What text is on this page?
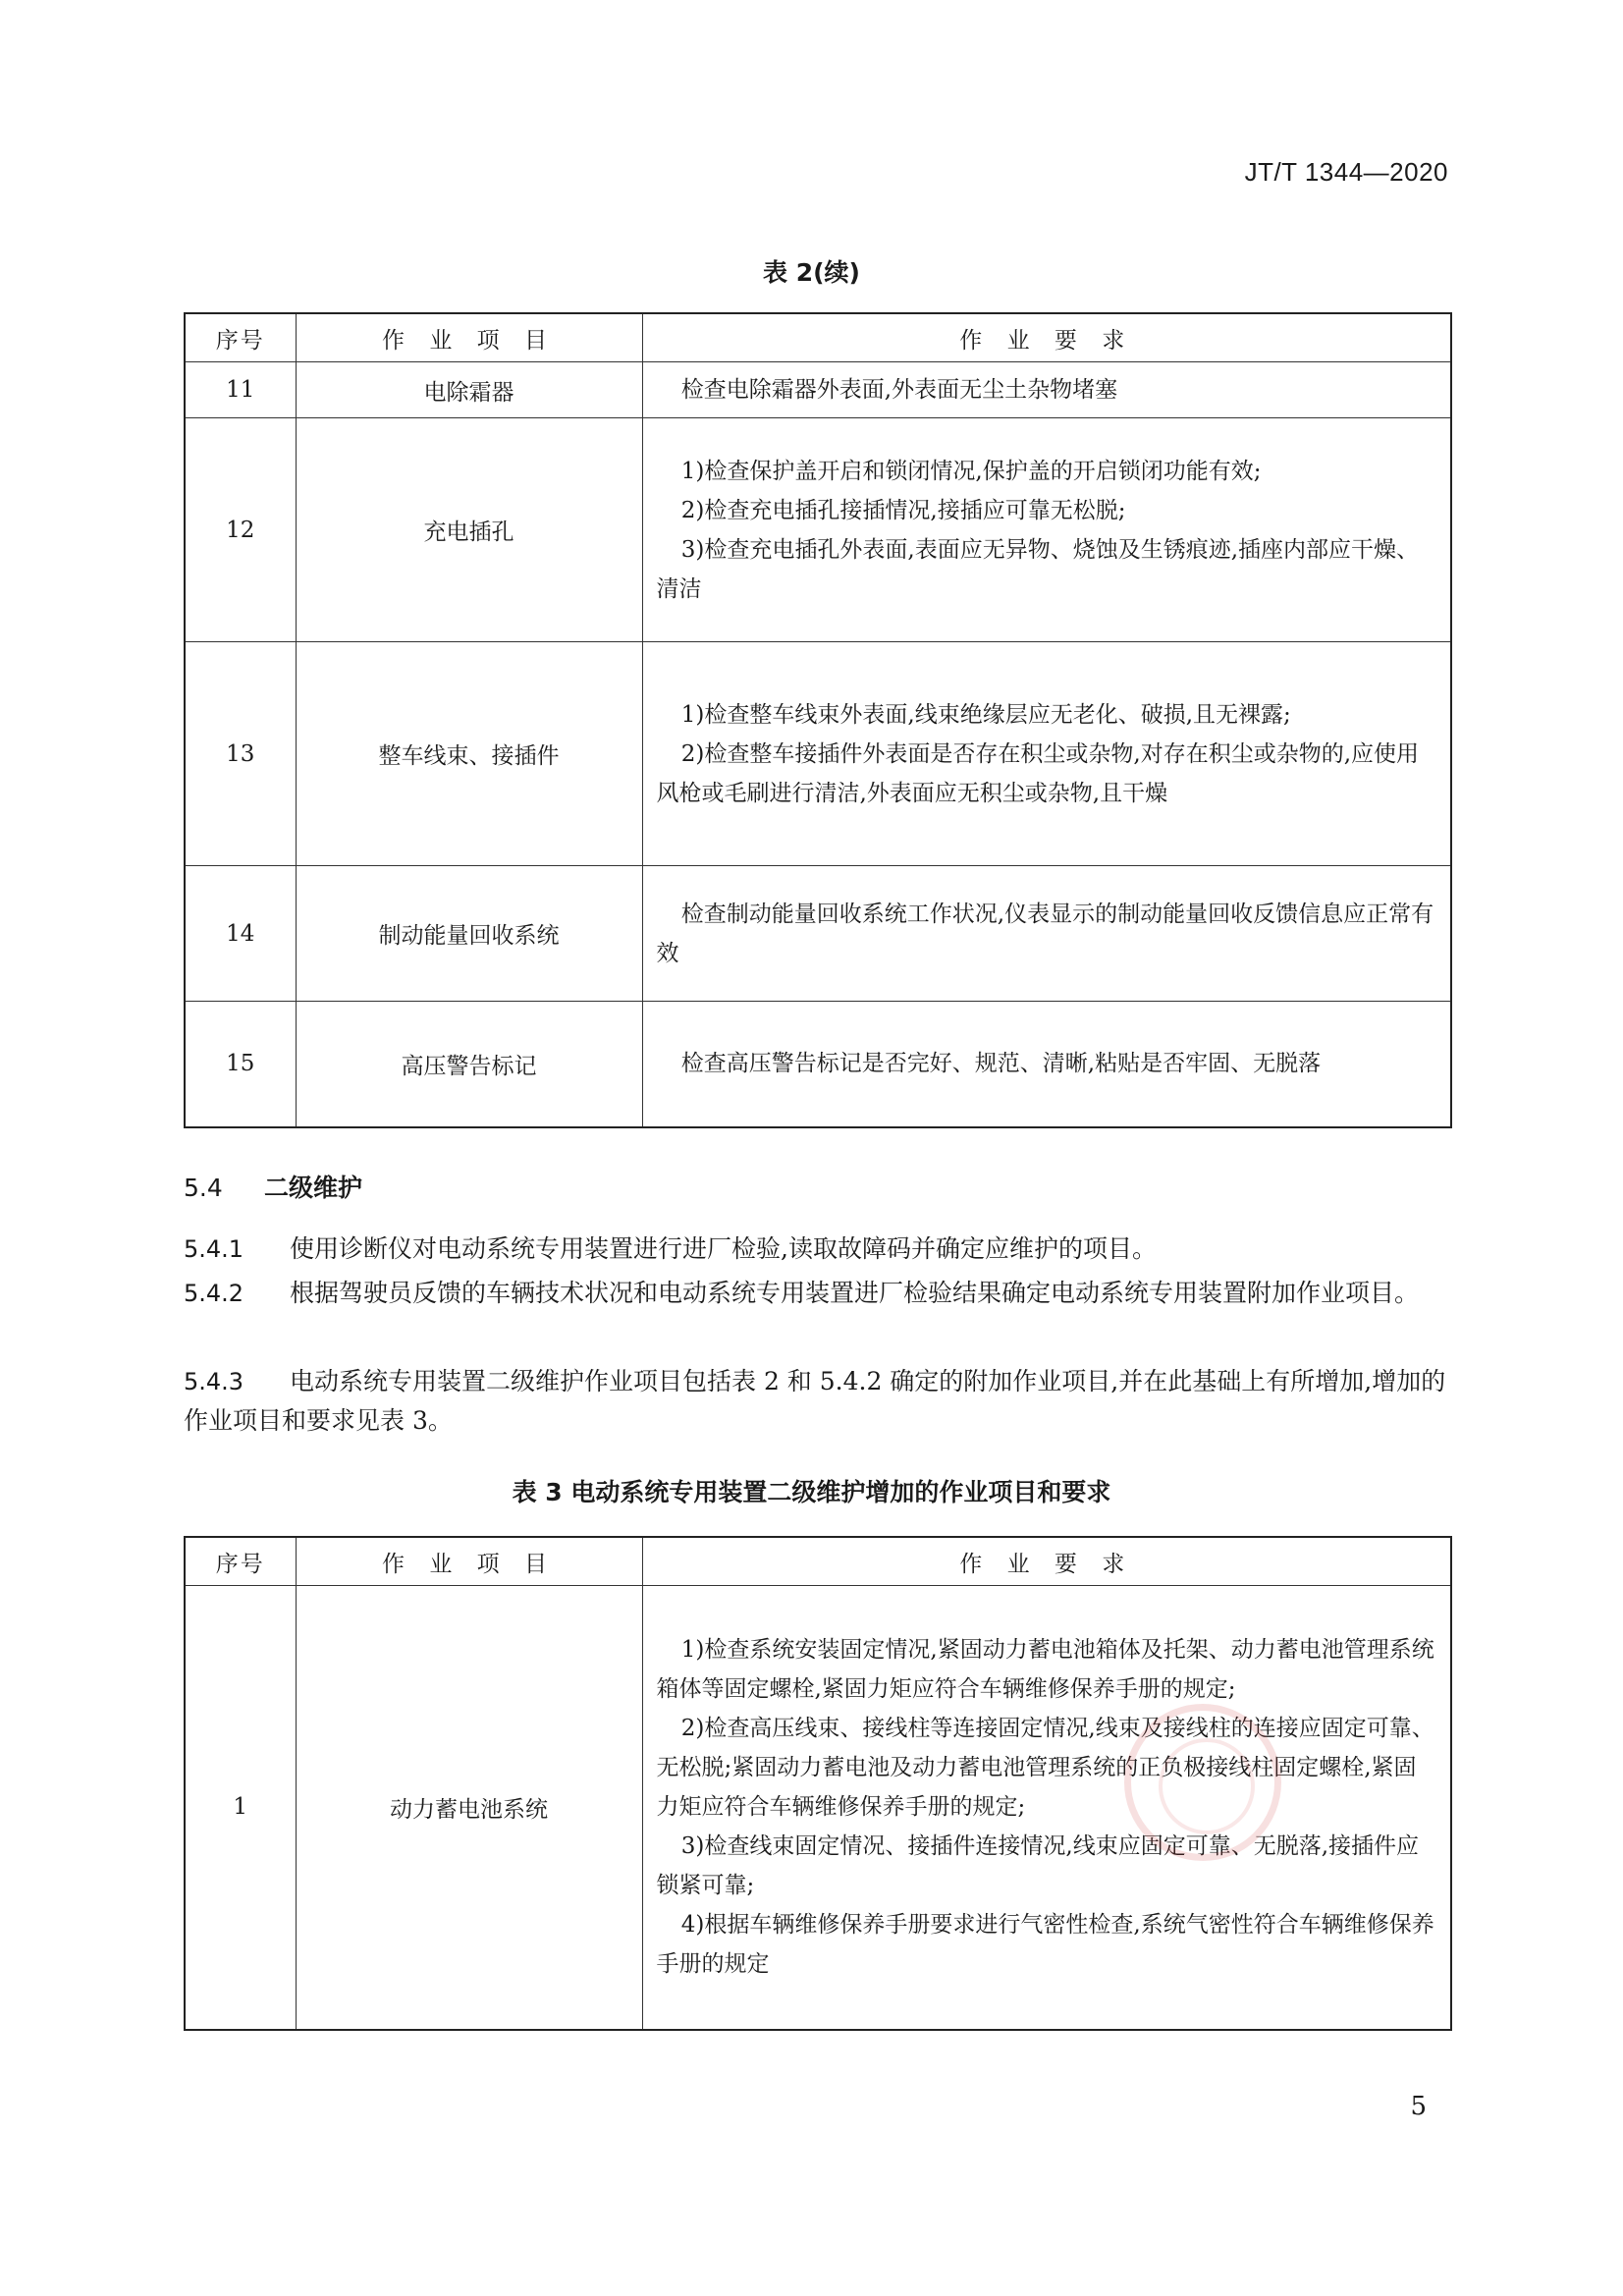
JT/T 1344—2020
表 2(续)
序号	作 业 项 目	作 业 要 求
11	电除霜器	检查电除霜器外表面,外表面无尘土杂物堵塞

12	充电插孔	1)检查保护盖开启和锁闭情况,保护盖的开启锁闭功能有效;

2)检查充电插孔接插情况,接插应可靠无松脱;

3)检查充电插孔外表面,表面应无异物、烧蚀及生锈痕迹,插座内部应干燥、清洁

13	整车线束、接插件	1)检查整车线束外表面,线束绝缘层应无老化、破损,且无裸露;

2)检查整车接插件外表面是否存在积尘或杂物,对存在积尘或杂物的,应使用风枪或毛刷进行清洁,外表面应无积尘或杂物,且干燥

14	制动能量回收系统	检查制动能量回收系统工作状况,仪表显示的制动能量回收反馈信息应正常有效

15	高压警告标记	检查高压警告标记是否完好、规范、清晰,粘贴是否牢固、无脱落

5.4 二级维护
5.4.1 使用诊断仪对电动系统专用装置进行进厂检验,读取故障码并确定应维护的项目。
5.4.2 根据驾驶员反馈的车辆技术状况和电动系统专用装置进厂检验结果确定电动系统专用装置附加作业项目。
5.4.3 电动系统专用装置二级维护作业项目包括表 2 和 5.4.2 确定的附加作业项目,并在此基础上有所增加,增加的作业项目和要求见表 3。
表 3 电动系统专用装置二级维护增加的作业项目和要求
序号	作 业 项 目	作 业 要 求
1	动力蓄电池系统	1)检查系统安装固定情况,紧固动力蓄电池箱体及托架、动力蓄电池管理系统箱体等固定螺栓,紧固力矩应符合车辆维修保养手册的规定;

2)检查高压线束、接线柱等连接固定情况,线束及接线柱的连接应固定可靠、无松脱;紧固动力蓄电池及动力蓄电池管理系统的正负极接线柱固定螺栓,紧固力矩应符合车辆维修保养手册的规定;

3)检查线束固定情况、接插件连接情况,线束应固定可靠、无脱落,接插件应锁紧可靠;

4)根据车辆维修保养手册要求进行气密性检查,系统气密性符合车辆维修保养手册的规定

5
